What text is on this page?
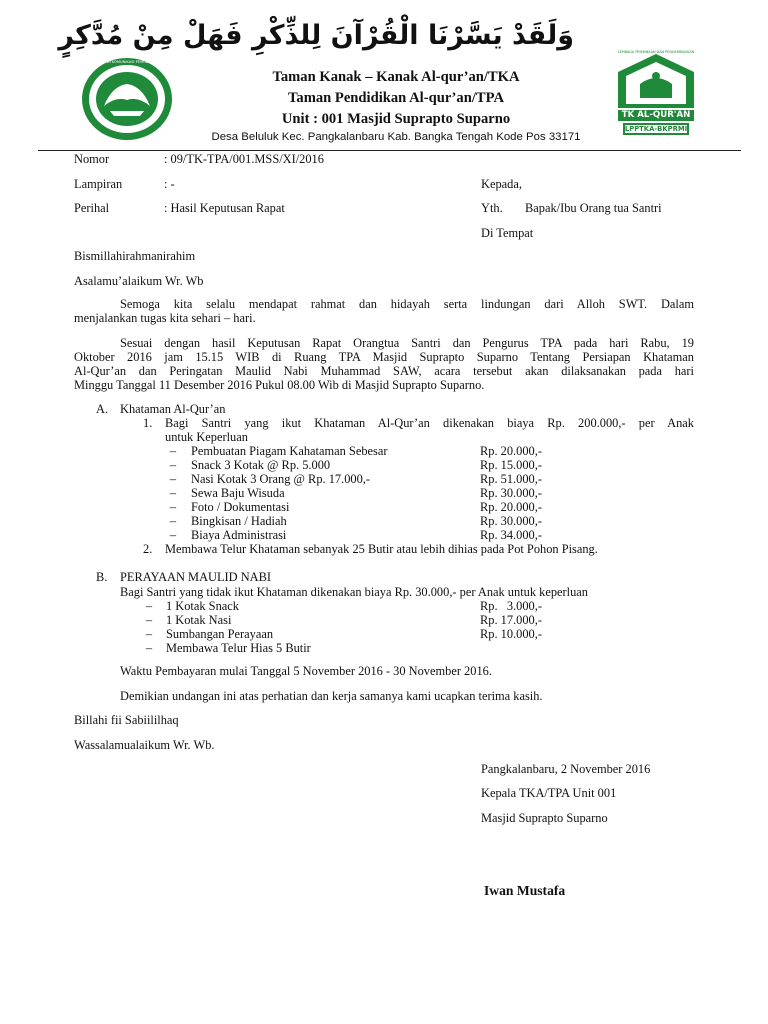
وَلَقَدْ يَسَّرْنَا الْقُرْآنَ لِلذِّكْرِ فَهَلْ مِنْ مُدَّكِرٍ
BADAN KOMUNIKASI PEMUDA REMAJA MASJID INDONESIA
LEMBAGA PEMBINAAN DAN PENGEMBANGAN
TK AL-QUR'AN
LPPTKA-BKPRMI
Taman Kanak – Kanak Al-qur’an/TKA
Taman Pendidikan Al-qur’an/TPA
Unit : 001 Masjid Suprapto Suparno
Desa Beluluk Kec. Pangkalanbaru Kab. Bangka Tengah Kode Pos 33171
Nomor	: 09/TK-TPA/001.MSS/XI/2016
Lampiran	: -	Kepada,
Perihal	: Hasil Keputusan Rapat	Yth. Bapak/Ibu Orang tua Santri
Di Tempat
Bismillahirahmanirahim
Asalamu’alaikum Wr. Wb
Semoga kita selalu mendapat rahmat dan hidayah serta lindungan dari Alloh SWT. Dalam
menjalankan tugas kita sehari – hari.
Sesuai dengan hasil Keputusan Rapat Orangtua Santri dan Pengurus TPA pada hari Rabu, 19
Oktober 2016 jam 15.15 WIB di Ruang TPA Masjid Suprapto Suparno Tentang Persiapan Khataman
Al-Qur’an dan Peringatan Maulid Nabi Muhammad SAW, acara tersebut akan dilaksanakan pada hari
Minggu Tanggal 11 Desember 2016 Pukul 08.00 Wib di Masjid Suprapto Suparno.
A. Khataman Al-Qur’an
1. Bagi Santri yang ikut Khataman Al-Qur’an dikenakan biaya Rp. 200.000,- per Anak
untuk Keperluan
–	Pembuatan Piagam Kahataman Sebesar	Rp. 20.000,-
–	Snack 3 Kotak @ Rp. 5.000	Rp. 15.000,-
–	Nasi Kotak 3 Orang @ Rp. 17.000,-	Rp. 51.000,-
–	Sewa Baju Wisuda	Rp. 30.000,-
–	Foto / Dokumentasi	Rp. 20.000,-
–	Bingkisan / Hadiah	Rp. 30.000,-
–	Biaya Administrasi	Rp. 34.000,-
2. Membawa Telur Khataman sebanyak 25 Butir atau lebih dihias pada Pot Pohon Pisang.
B. PERAYAAN MAULID NABI
Bagi Santri yang tidak ikut Khataman dikenakan biaya Rp. 30.000,- per Anak untuk keperluan
–	1 Kotak Snack	Rp.   3.000,-
–	1 Kotak Nasi	Rp. 17.000,-
–	Sumbangan Perayaan	Rp. 10.000,-
–	Membawa Telur Hias 5 Butir
Waktu Pembayaran mulai Tanggal 5 November 2016 - 30 November 2016.
Demikian undangan ini atas perhatian dan kerja samanya kami ucapkan terima kasih.
Billahi fii Sabiililhaq
Wassalamualaikum Wr. Wb.
Pangkalanbaru, 2 November 2016
Kepala TKA/TPA Unit 001
Masjid Suprapto Suparno
Iwan Mustafa
